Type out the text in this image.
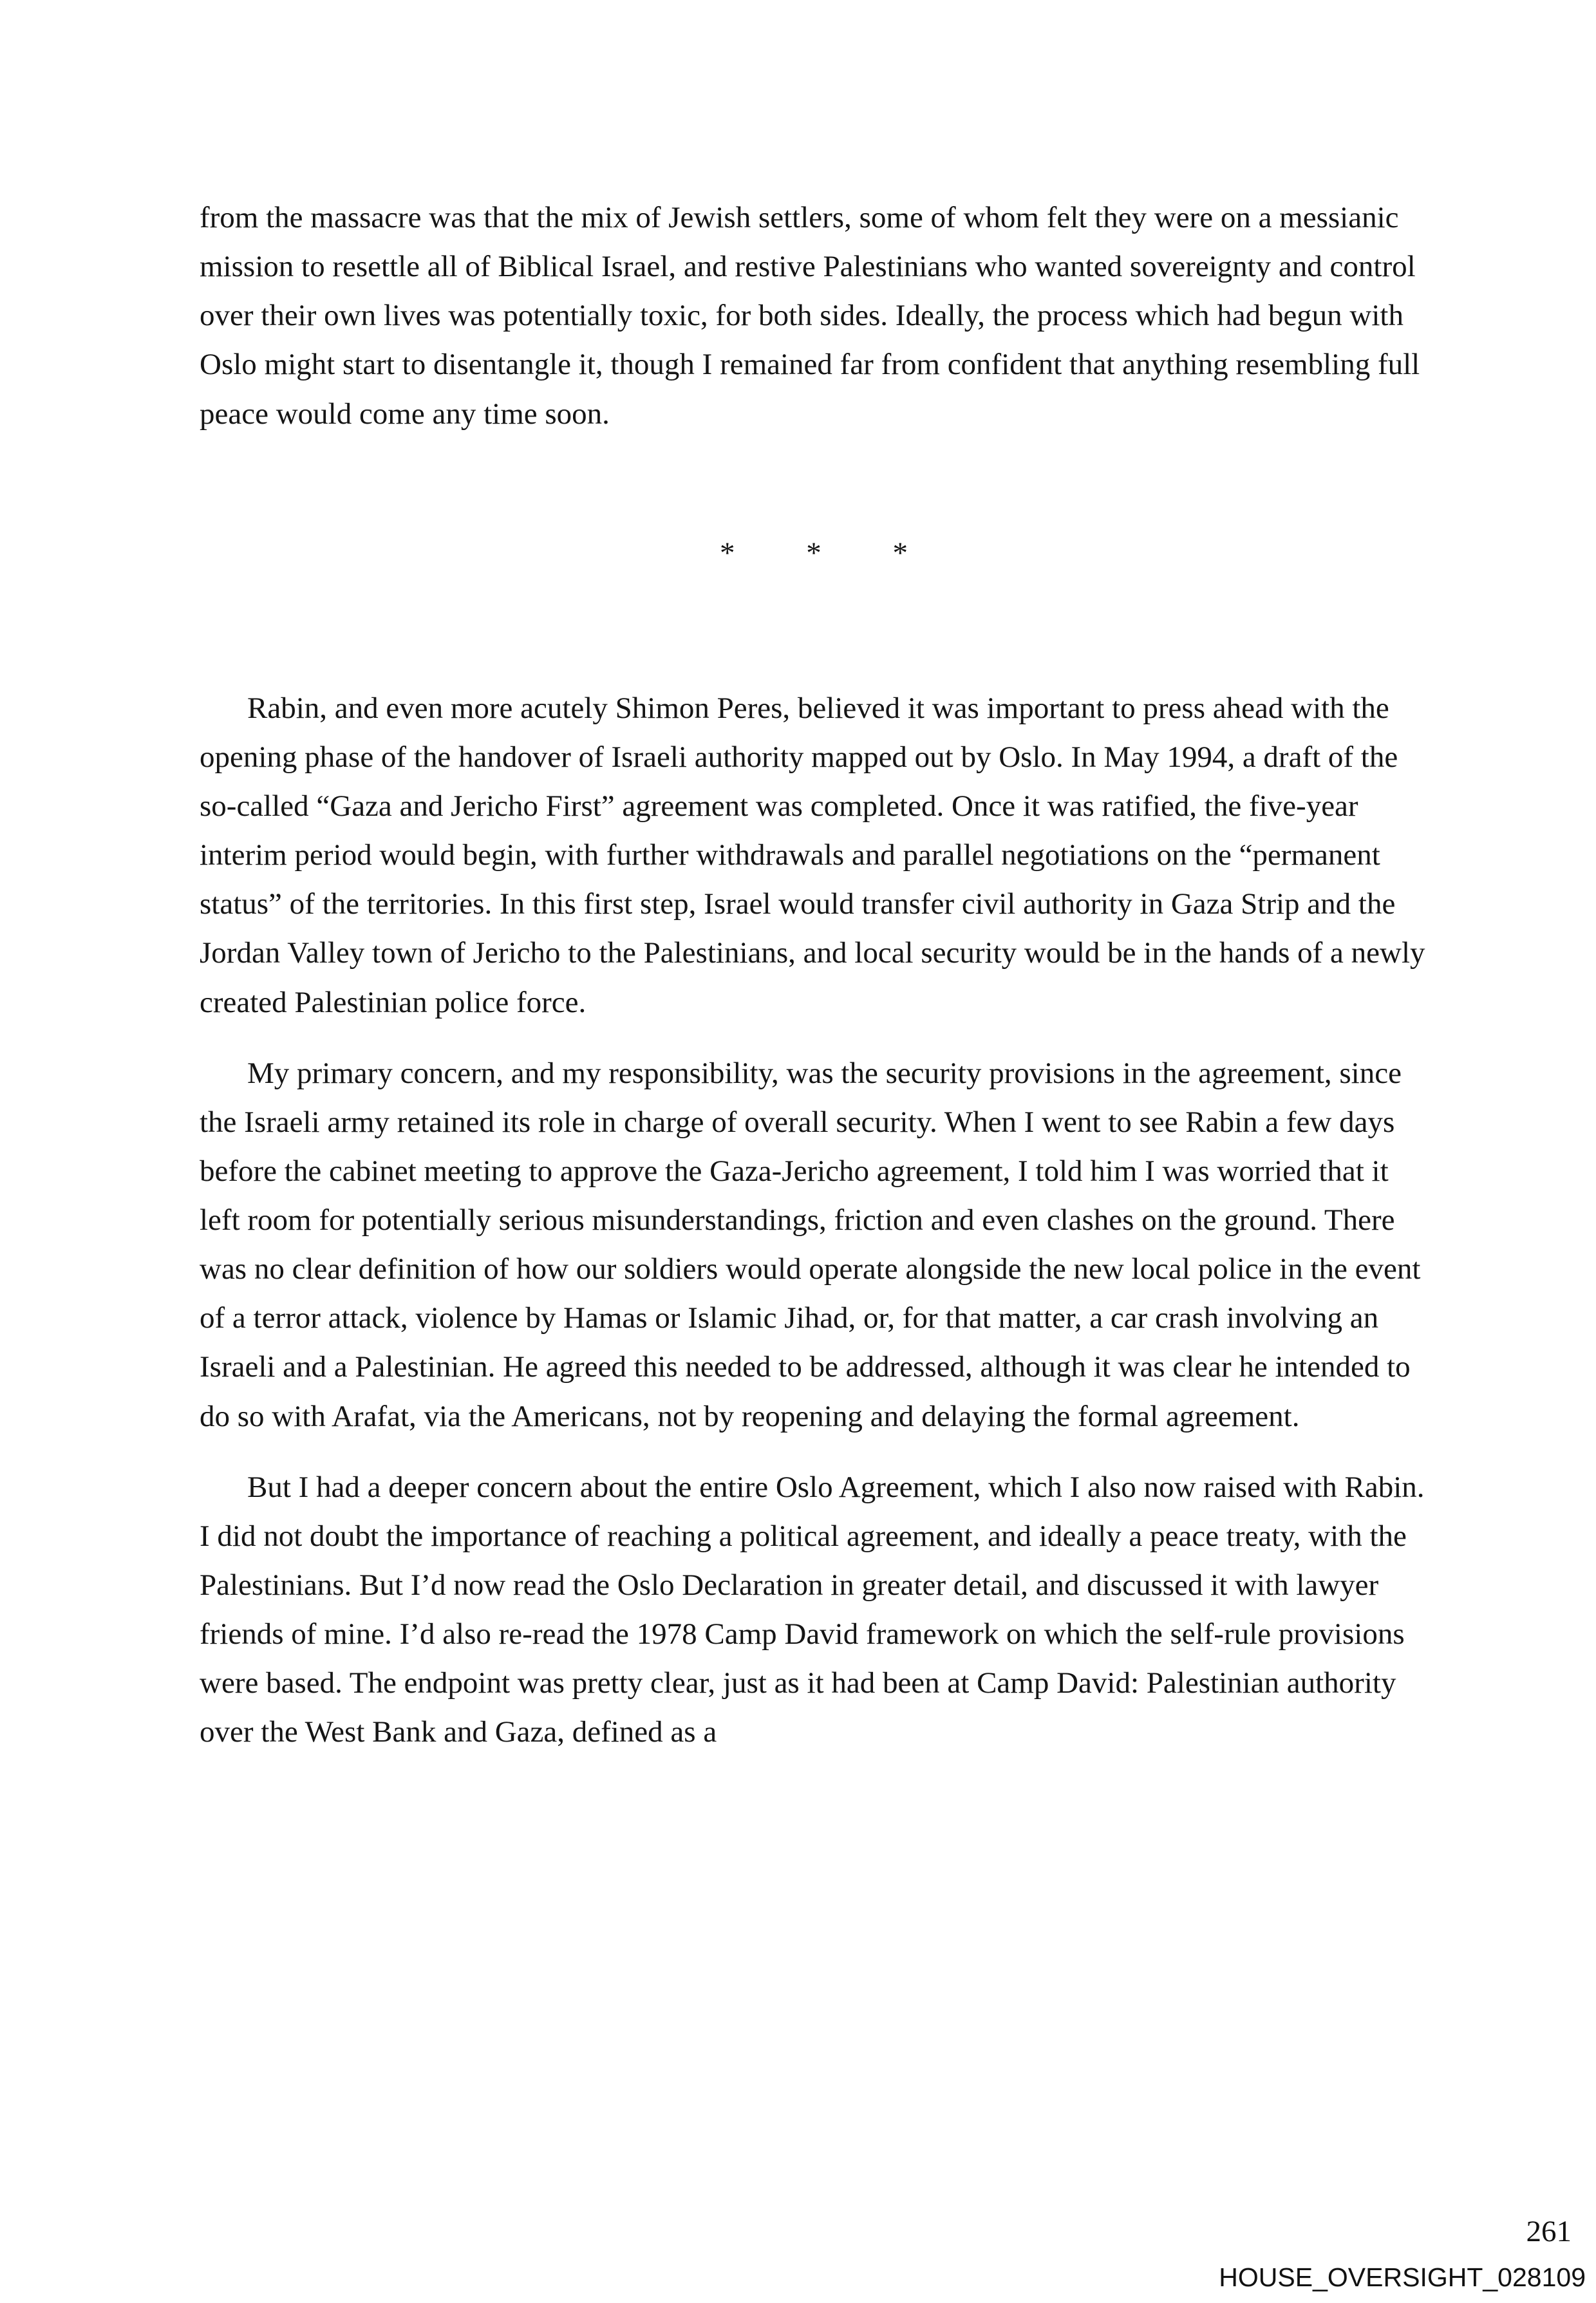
from the massacre was that the mix of Jewish settlers, some of whom felt they were on a messianic mission to resettle all of Biblical Israel, and restive Palestinians who wanted sovereignty and control over their own lives was potentially toxic, for both sides. Ideally, the process which had begun with Oslo might start to disentangle it, though I remained far from confident that anything resembling full peace would come any time soon.

* * *

Rabin, and even more acutely Shimon Peres, believed it was important to press ahead with the opening phase of the handover of Israeli authority mapped out by Oslo. In May 1994, a draft of the so-called “Gaza and Jericho First” agreement was completed. Once it was ratified, the five-year interim period would begin, with further withdrawals and parallel negotiations on the “permanent status” of the territories. In this first step, Israel would transfer civil authority in Gaza Strip and the Jordan Valley town of Jericho to the Palestinians, and local security would be in the hands of a newly created Palestinian police force.

My primary concern, and my responsibility, was the security provisions in the agreement, since the Israeli army retained its role in charge of overall security. When I went to see Rabin a few days before the cabinet meeting to approve the Gaza-Jericho agreement, I told him I was worried that it left room for potentially serious misunderstandings, friction and even clashes on the ground. There was no clear definition of how our soldiers would operate alongside the new local police in the event of a terror attack, violence by Hamas or Islamic Jihad, or, for that matter, a car crash involving an Israeli and a Palestinian. He agreed this needed to be addressed, although it was clear he intended to do so with Arafat, via the Americans, not by reopening and delaying the formal agreement.

But I had a deeper concern about the entire Oslo Agreement, which I also now raised with Rabin. I did not doubt the importance of reaching a political agreement, and ideally a peace treaty, with the Palestinians. But I’d now read the Oslo Declaration in greater detail, and discussed it with lawyer friends of mine. I’d also re-read the 1978 Camp David framework on which the self-rule provisions were based. The endpoint was pretty clear, just as it had been at Camp David: Palestinian authority over the West Bank and Gaza, defined as a

261
HOUSE_OVERSIGHT_028109
